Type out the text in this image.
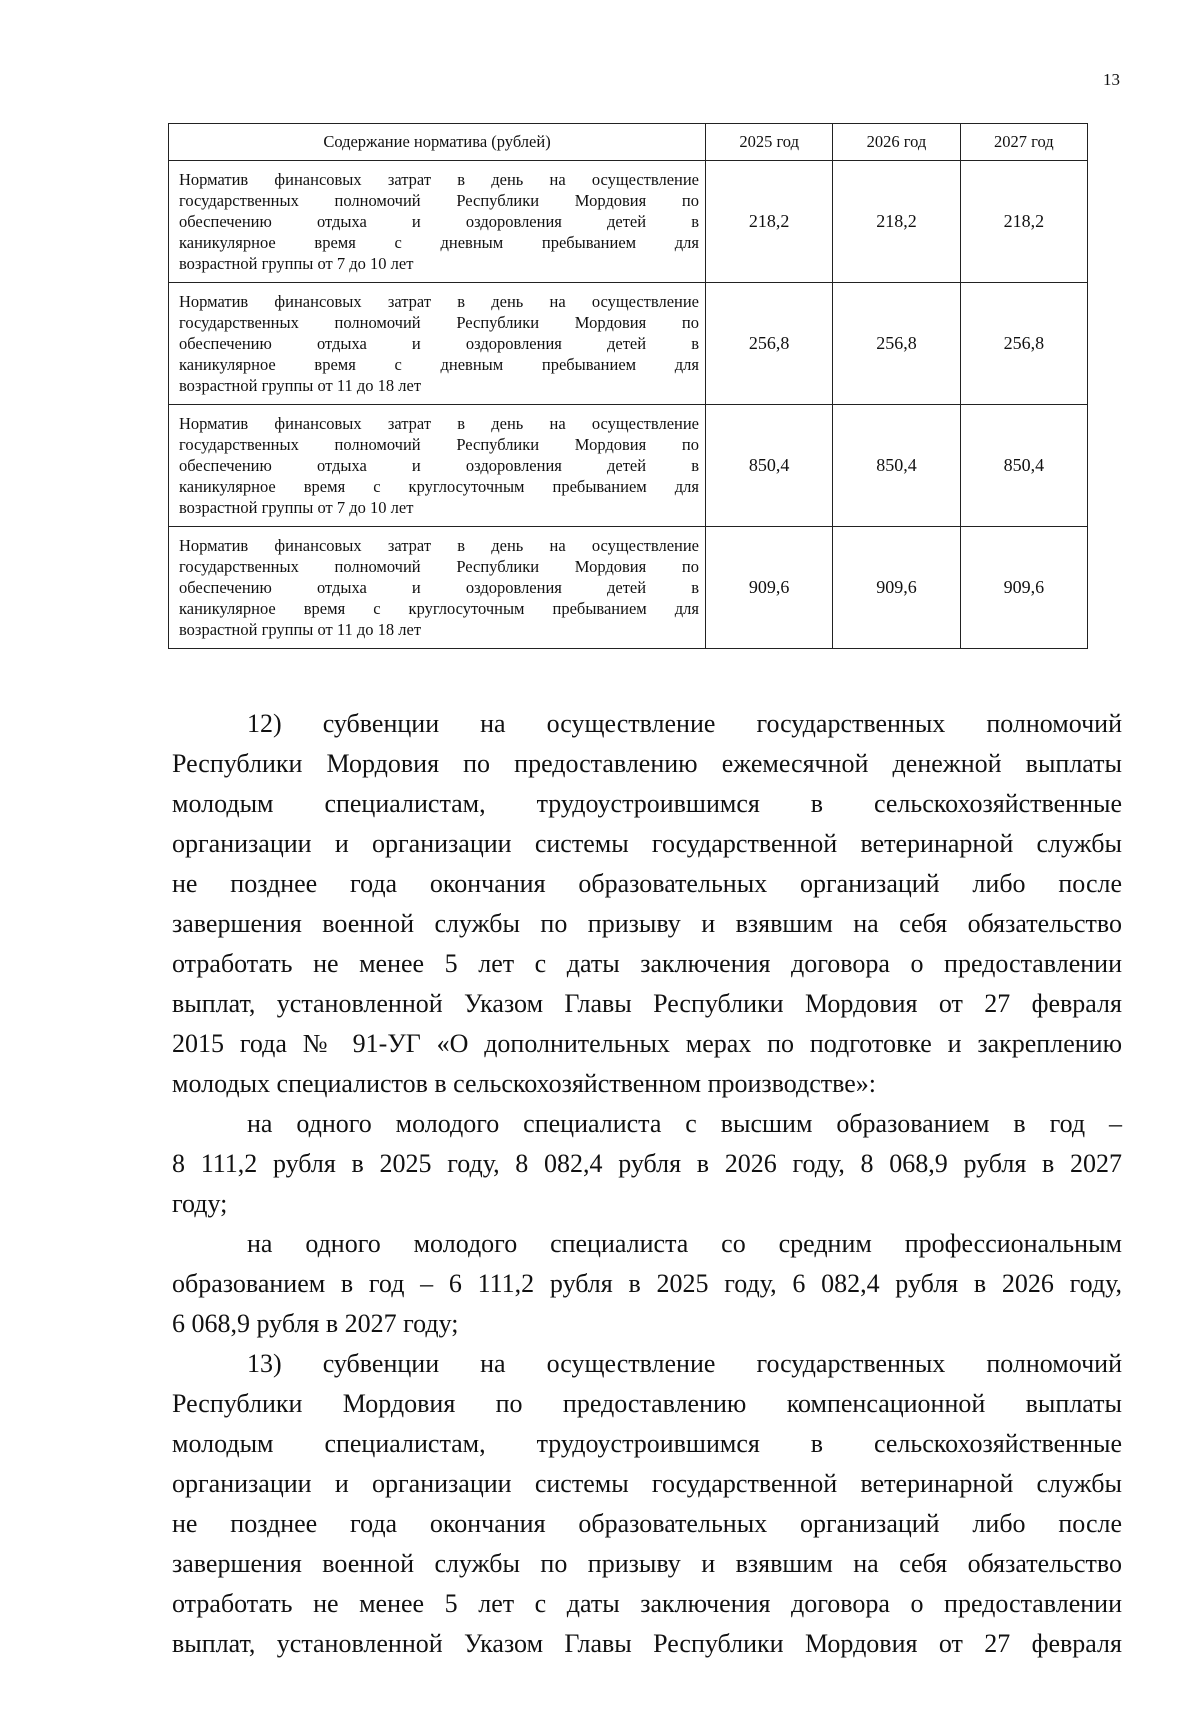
13
Содержание норматива (рублей)	2025 год	2026 год	2027 год

Норматив финансовых затрат в день на осуществление
государственных полномочий Республики Мордовия по
обеспечению отдыха и оздоровления детей в
каникулярное время с дневным пребыванием для
возрастной группы от 7 до 10 лет	218,2	218,2	218,2

Норматив финансовых затрат в день на осуществление
государственных полномочий Республики Мордовия по
обеспечению отдыха и оздоровления детей в
каникулярное время с дневным пребыванием для
возрастной группы от 11 до 18 лет	256,8	256,8	256,8

Норматив финансовых затрат в день на осуществление
государственных полномочий Республики Мордовия по
обеспечению отдыха и оздоровления детей в
каникулярное время с круглосуточным пребыванием для
возрастной группы от 7 до 10 лет	850,4	850,4	850,4

Норматив финансовых затрат в день на осуществление
государственных полномочий Республики Мордовия по
обеспечению отдыха и оздоровления детей в
каникулярное время с круглосуточным пребыванием для
возрастной группы от 11 до 18 лет	909,6	909,6	909,6
12) субвенции на осуществление государственных полномочий
Республики Мордовия по предоставлению ежемесячной денежной выплаты
молодым специалистам, трудоустроившимся в сельскохозяйственные
организации и организации системы государственной ветеринарной службы
не позднее года окончания образовательных организаций либо после
завершения военной службы по призыву и взявшим на себя обязательство
отработать не менее 5 лет с даты заключения договора о предоставлении
выплат, установленной Указом Главы Республики Мордовия от 27 февраля
2015 года № 91-УГ «О дополнительных мерах по подготовке и закреплению
молодых специалистов в сельскохозяйственном производстве»:
на одного молодого специалиста с высшим образованием в год –
8 111,2 рубля в 2025 году, 8 082,4 рубля в 2026 году, 8 068,9 рубля в 2027
году;
на одного молодого специалиста со средним профессиональным
образованием в год – 6 111,2 рубля в 2025 году, 6 082,4 рубля в 2026 году,
6 068,9 рубля в 2027 году;
13) субвенции на осуществление государственных полномочий
Республики Мордовия по предоставлению компенсационной выплаты
молодым специалистам, трудоустроившимся в сельскохозяйственные
организации и организации системы государственной ветеринарной службы
не позднее года окончания образовательных организаций либо после
завершения военной службы по призыву и взявшим на себя обязательство
отработать не менее 5 лет с даты заключения договора о предоставлении
выплат, установленной Указом Главы Республики Мордовия от 27 февраля
